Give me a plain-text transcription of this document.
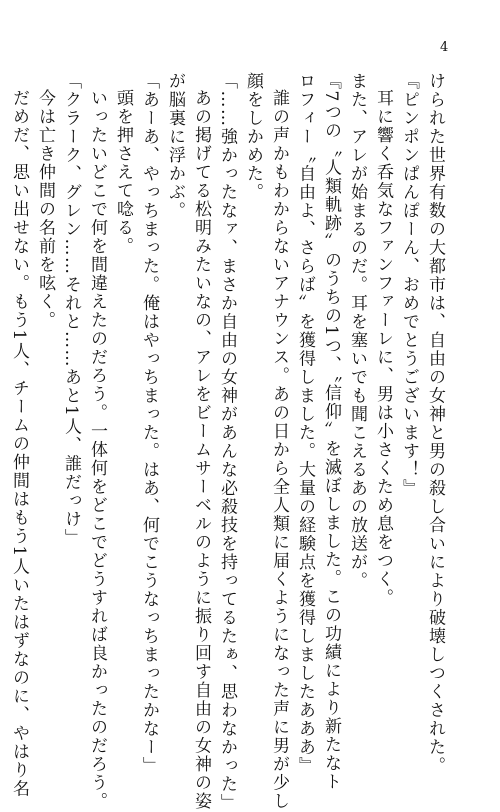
4
けられた世界有数の大都市は、自由の女神と男の殺し合いにより破壊しつくされた。
『ピンポンぱんぽーん、おめでとうございます！』
耳に響く呑気なファンファーレに、男は小さくため息をつく。
また、アレが始まるのだ。耳を塞いでも聞こえるあの放送が。
『7つの〝人類軌跡〟のうちの1つ、〝信仰〟を滅ぼしました。この功績により新たなト
ロフィー〝自由よ、さらば〟を獲得しました。大量の経験点を獲得しましたあああ』
誰の声かもわからないアナウンス。あの日から全人類に届くようになった声に男が少し
顔をしかめた。
「……強かったなァ、まさか自由の女神があんな必殺技を持ってるたぁ、思わなかった」
あの掲げてる松明みたいなの、アレをビームサーベルのように振り回す自由の女神の姿
が脳裏に浮かぶ。
「あーあ、やっちまった。俺はやっちまった。はあ、何でこうなっちまったかなー」
頭を押さえて唸る。
いったいどこで何を間違えたのだろう。一体何をどこでどうすれば良かったのだろう。
「クラーク、グレン……それと……あと1人、誰だっけ」
今は亡き仲間の名前を呟く。
だめだ、思い出せない。もう1人、チームの仲間はもう1人いたはずなのに、やはり名
